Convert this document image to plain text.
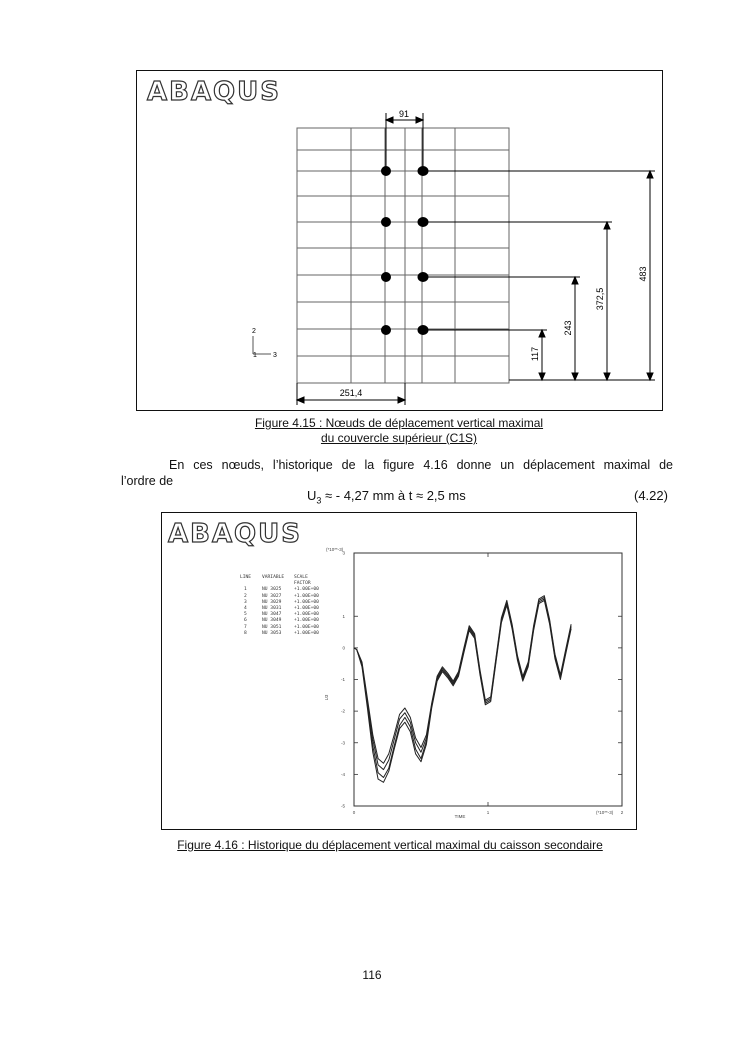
ABAQUS
91
251,4
483
372,5
243
117
2
1 3
Figure 4.15 : Nœuds de déplacement vertical maximal
du couvercle supérieur (C1S)
En ces nœuds, l’historique de la figure 4.16 donne un déplacement maximal de
l’ordre de
$U_3$ ≈ - 4,27 mm à t ≈ 2,5 ms	(4.22)
ABAQUS
LINE	VARIABLE	SCALE
FACTOR
1	NU 3025	+1.00E+00
2	NU 3027	+1.00E+00
3	NU 3029	+1.00E+00
4	NU 3031	+1.00E+00
5	NU 3047	+1.00E+00
6	NU 3049	+1.00E+00
7	NU 3051	+1.00E+00
8	NU 3053	+1.00E+00
3
1
0
-1
-2
-3
-4
-5
0	1	2
(*10**-3)
(*10**-3)
TIME
U3
Figure 4.16 : Historique du déplacement vertical maximal du caisson secondaire
116
